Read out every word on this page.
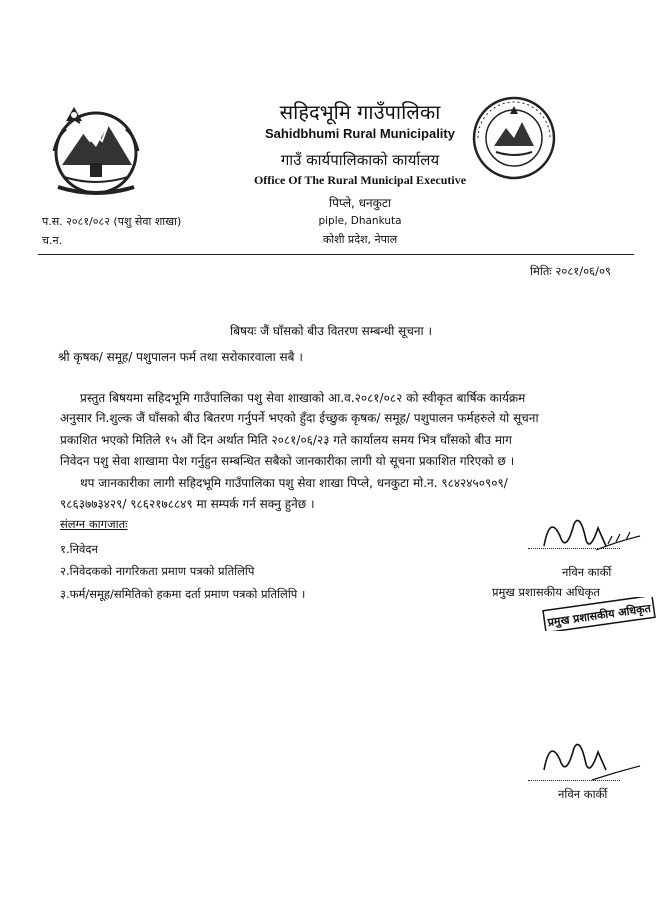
सहिदभूमि गाउँपालिका
Sahidbhumi Rural Municipality
गाउँ कार्यपालिकाको कार्यालय
Office Of The Rural Municipal Executive
पिप्ले, धनकुटा
piple, Dhankuta
कोशी प्रदेश, नेपाल
प.स. २०८१/०८२ (पशु सेवा शाखा)
च.न.
मितिः २०८१/०६/०९
बिषयः जैं घाँसको बीउ वितरण सम्बन्धी सूचना ।
श्री कृषक/ समूह/ पशुपालन फर्म तथा सरोकारवाला सबै ।
प्रस्तुत बिषयमा सहिदभूमि गाउँपालिका पशु सेवा शाखाको आ.व.२०८१/०८२ को स्वीकृत बार्षिक कार्यक्रम
अनुसार नि.शुल्क जैं घाँसको बीउ बितरण गर्नुपर्ने भएको हुँदा ईच्छुक कृषक/ समूह/ पशुपालन फर्महरुले यो सूचना
प्रकाशित भएको मितिले १५ औं दिन अर्थात मिति २०८१/०६/२३ गते कार्यालय समय भित्र घाँसको बीउ माग
निवेदन पशु सेवा शाखामा पेश गर्नुहुन सम्बन्धित सबैको जानकारीका लागी यो सूचना प्रकाशित गरिएको छ ।
थप जानकारीका लागी सहिदभूमि गाउँपालिका पशु सेवा शाखा पिप्ले, धनकुटा मो.न. ९८४२४५०९०९/
९८६३७७३४२९/ ९८६२१७८८४९ मा सम्पर्क गर्न सक्नु हुनेछ ।
संलग्न कागजातः
१.निवेदन
२.निवेदकको नागरिकता प्रमाण पत्रको प्रतिलिपि
३.फर्म/समूह/समितिको हकमा दर्ता प्रमाण पत्रको प्रतिलिपि ।
नविन कार्की
प्रमुख प्रशासकीय अधिकृत
प्रमुख प्रशासकीय अधिकृत
नविन कार्की
